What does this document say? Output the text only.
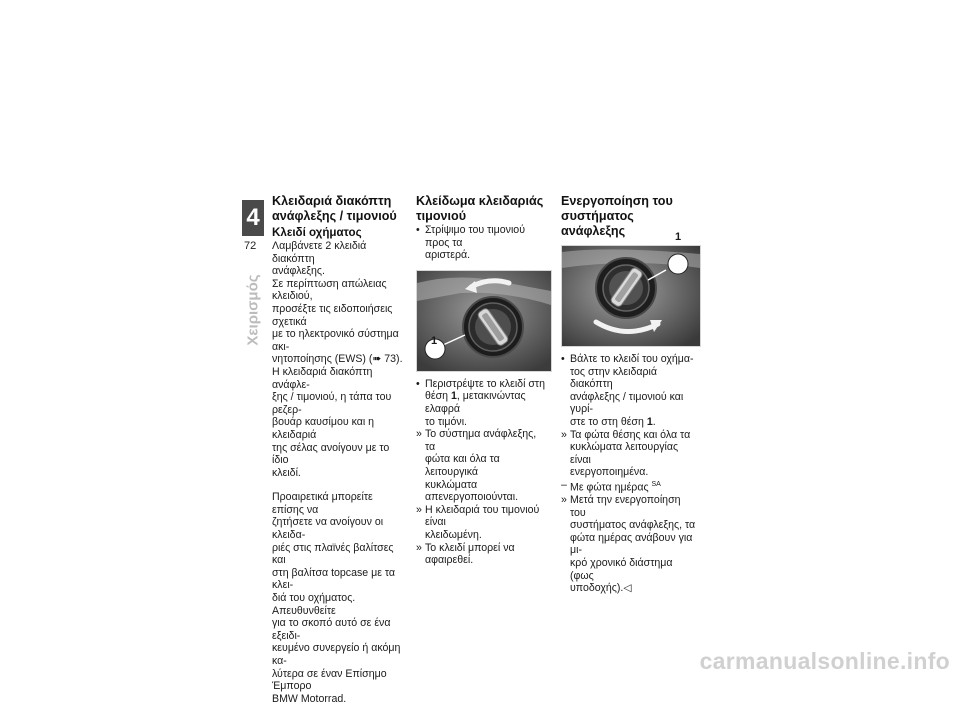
4
72
Χειρισμός
Κλειδαριά διακόπτη ανάφλεξης / τιμονιού
Κλειδί οχήματος

Λαμβάνετε 2 κλειδιά διακόπτη
ανάφλεξης.

Σε περίπτωση απώλειας κλειδιού,
προσέξτε τις ειδοποιήσεις σχετικά
με το ηλεκτρονικό σύστημα ακι-
νητοποίησης (EWS) (➠ 73).

Η κλειδαριά διακόπτη ανάφλε-
ξης / τιμονιού, η τάπα του ρεζερ-
βουάρ καυσίμου και η κλειδαριά
της σέλας ανοίγουν με το ίδιο
κλειδί.

Προαιρετικά μπορείτε επίσης να
ζητήσετε να ανοίγουν οι κλειδα-
ριές στις πλαϊνές βαλίτσες και
στη βαλίτσα topcase με τα κλει-
διά του οχήματος. Απευθυνθείτε
για το σκοπό αυτό σε ένα εξειδι-
κευμένο συνεργείο ή ακόμη κα-
λύτερα σε έναν Επίσημο Έμπορο
BMW Motorrad.

Κλείδωμα κλειδαριάς τιμονιού
• Στρίψιμο του τιμονιού προς τα
αριστερά.
1
• Περιστρέψτε το κλειδί στη
θέση 1, μετακινώντας ελαφρά
το τιμόνι.
» Το σύστημα ανάφλεξης, τα
φώτα και όλα τα λειτουργικά
κυκλώματα απενεργοποιούνται.
» Η κλειδαριά του τιμονιού είναι
κλειδωμένη.
» Το κλειδί μπορεί να αφαιρεθεί.
Ενεργοποίηση του συστήματος ανάφλεξης	1
• Βάλτε το κλειδί του οχήμα-
τος στην κλειδαριά διακόπτη
ανάφλεξης / τιμονιού και γυρί-
στε το στη θέση 1.
» Τα φώτα θέσης και όλα τα
κυκλώματα λειτουργίας είναι
ενεργοποιημένα.
– Με φώτα ημέρας $^{SA}$
» Μετά την ενεργοποίηση του
συστήματος ανάφλεξης, τα
φώτα ημέρας ανάβουν για μι-
κρό χρονικό διάστημα (φως
υποδοχής).◁
carmanualsonline.info
